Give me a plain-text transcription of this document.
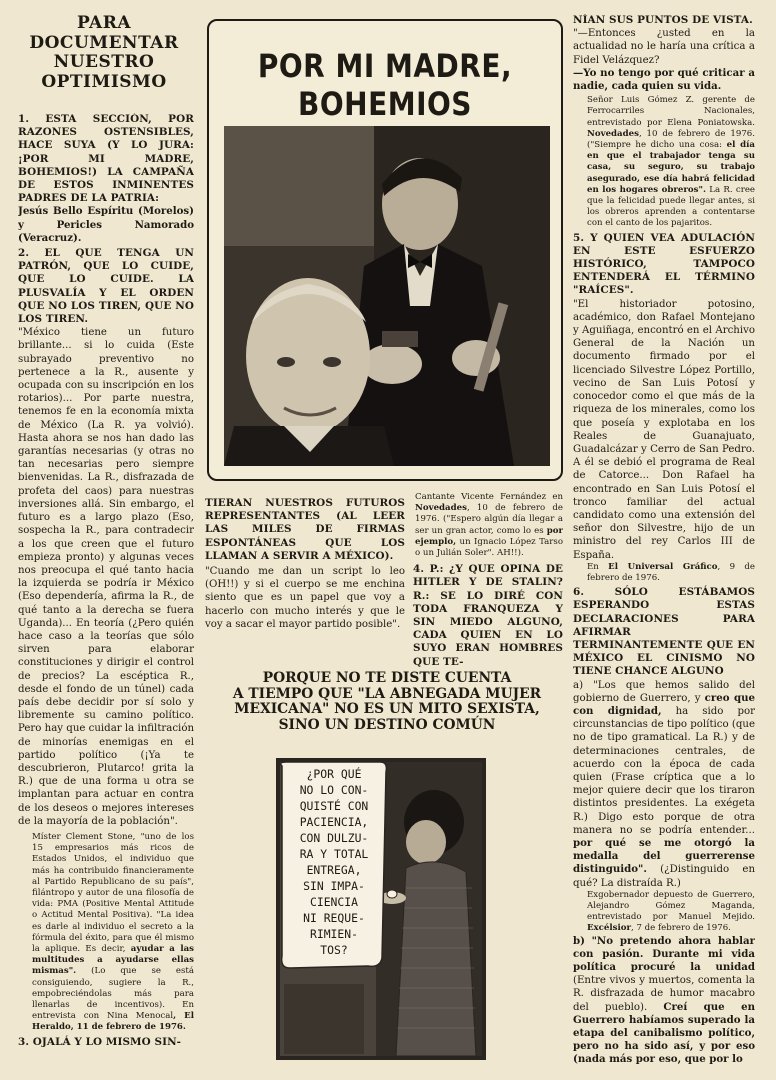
PARA
DOCUMENTAR
NUESTRO
OPTIMISMO

1. ESTA SECCIÓN, POR RAZONES OSTENSIBLES, HACE SUYA (Y LO JURA: ¡POR MI MADRE, BOHEMIOS!) LA CAMPAÑA DE ESTOS INMINENTES PADRES DE LA PATRIA:

Jesús Bello Espíritu (Morelos) y Pericles Namorado (Veracruz).

2. EL QUE TENGA UN PATRÓN, QUE LO CUIDE, QUE LO CUIDE. LA PLUSVALÍA Y EL ORDEN QUE NO LOS TIREN, QUE NO LOS TIREN.

"México tiene un futuro brillante... si lo cuida (Este subrayado preventivo no pertenece a la R., ausente y ocupada con su inscripción en los rotarios)... Por parte nuestra, tenemos fe en la economía mixta de México (La R. ya volvió). Hasta ahora se nos han dado las garantías necesarias (y otras no tan necesarias pero siempre bienvenidas. La R., disfrazada de profeta del caos) para nuestras inversiones allá. Sin embargo, el futuro es a largo plazo (Eso, sospecha la R., para contradecir a los que creen que el futuro empieza pronto) y algunas veces nos preocupa el qué tanto hacia la izquierda se podría ir México (Eso dependería, afirma la R., de qué tanto a la derecha se fuera Uganda)... En teoría (¿Pero quién hace caso a la teorías que sólo sirven para elaborar constituciones y dirigir el control de precios? La escéptica R., desde el fondo de un túnel) cada país debe decidir por sí solo y libremente su camino político. Pero hay que cuidar la infiltración de minorías enemigas en el partido político (¡Ya te descubrieron, Plutarco! grita la R.) que de una forma u otra se implantan para actuar en contra de los deseos o mejores intereses de la mayoría de la población".

Míster Clement Stone, "uno de los 15 empresarios más ricos de Estados Unidos, el individuo que más ha contribuido financieramente al Partido Republicano de su país", filántropo y autor de una filosofía de vida: PMA (Positive Mental Attitude o Actitud Mental Positiva). "La idea es darle al individuo el secreto a la fórmula del éxito, para que él mismo la aplique. Es decir, ayudar a las multitudes a ayudarse ellas mismas". (Lo que se está consiguiendo, sugiere la R., empobreciéndolas más para llenarlas de incentivos). En entrevista con Nina Menocal, El Heraldo, 11 de febrero de 1976.

3. OJALÁ Y LO MISMO SIN-

POR MI MADRE,
BOHEMIOS

TIERAN NUESTROS FUTUROS REPRESENTANTES (AL LEER LAS MILES DE FIRMAS ESPONTÁNEAS QUE LOS LLAMAN A SERVIR A MÉXICO).

"Cuando me dan un script lo leo (OH!!) y si el cuerpo se me enchina siento que es un papel que voy a hacerlo con mucho interés y que le voy a sacar el mayor partido posible".

Cantante Vicente Fernández en Novedades, 10 de febrero de 1976. ("Espero algún día llegar a ser un gran actor, como lo es por ejemplo, un Ignacio López Tarso o un Julián Soler". AH!!).

4. P.: ¿Y QUE OPINA DE HITLER Y DE STALIN? R.: SE LO DIRÉ CON TODA FRANQUEZA Y SIN MIEDO ALGUNO, CADA QUIEN EN LO SUYO ERAN HOMBRES QUE TE-

PORQUE NO TE DISTE CUENTA
A TIEMPO QUE "LA ABNEGADA MUJER
MEXICANA" NO ES UN MITO SEXISTA,
SINO UN DESTINO COMÚN
¿POR QUÉ
NO LO CON-
QUISTÉ CON
PACIENCIA,
CON DULZU-
RA Y TOTAL
ENTREGA,
SIN IMPA-
CIENCIA
NI REQUE-
RIMIEN-
TOS?

NÍAN SUS PUNTOS DE VISTA.

"—Entonces ¿usted en la actualidad no le haría una crítica a Fidel Velázquez?

—Yo no tengo por qué criticar a nadie, cada quien su vida.

Señor Luis Gómez Z. gerente de Ferrocarriles Nacionales, entrevistado por Elena Poniatowska. Novedades, 10 de febrero de 1976. ("Siempre he dicho una cosa: el día en que el trabajador tenga su casa, su seguro, su trabajo asegurado, ese día habrá felicidad en los hogares obreros". La R. cree que la felicidad puede llegar antes, si los obreros aprenden a contentarse con el canto de los pajaritos.

5. Y QUIEN VEA ADULACIÓN EN ESTE ESFUERZO HISTÓRICO, TAMPOCO ENTENDERÁ EL TÉRMINO "RAÍCES".

"El historiador potosino, académico, don Rafael Montejano y Aguiñaga, encontró en el Archivo General de la Nación un documento firmado por el licenciado Silvestre López Portillo, vecino de San Luis Potosí y conocedor como el que más de la riqueza de los minerales, como los que poseía y explotaba en los Reales de Guanajuato, Guadalcázar y Cerro de San Pedro. A él se debió el programa de Real de Catorce... Don Rafael ha encontrado en San Luis Potosí el tronco familiar del actual candidato como una extensión del señor don Silvestre, hijo de un ministro del rey Carlos III de España.

En El Universal Gráfico, 9 de febrero de 1976.

6. SÓLO ESTÁBAMOS ESPERANDO ESTAS DECLARACIONES PARA AFIRMAR TERMINANTEMENTE QUE EN MÉXICO EL CINISMO NO TIENE CHANCE ALGUNO

a) "Los que hemos salido del gobierno de Guerrero, y creo que con dignidad, ha sido por circunstancias de tipo político (que no de tipo gramatical. La R.) y de determinaciones centrales, de acuerdo con la época de cada quien (Frase críptica que a lo mejor quiere decir que los tiraron distintos presidentes. La exégeta R.) Digo esto porque de otra manera no se podría entender... por qué se me otorgó la medalla del guerrerense distinguido". (¿Distinguido en qué? La distraída R.)

Exgobernador depuesto de Guerrero, Alejandro Gómez Maganda, entrevistado por Manuel Mejido. Excélsior, 7 de febrero de 1976.

b) "No pretendo ahora hablar con pasión. Durante mi vida política procuré la unidad (Entre vivos y muertos, comenta la R. disfrazada de humor macabro del pueblo). Creí que en Guerrero habíamos superado la etapa del canibalismo político, pero no ha sido así, y por eso (nada más por eso, que por lo
